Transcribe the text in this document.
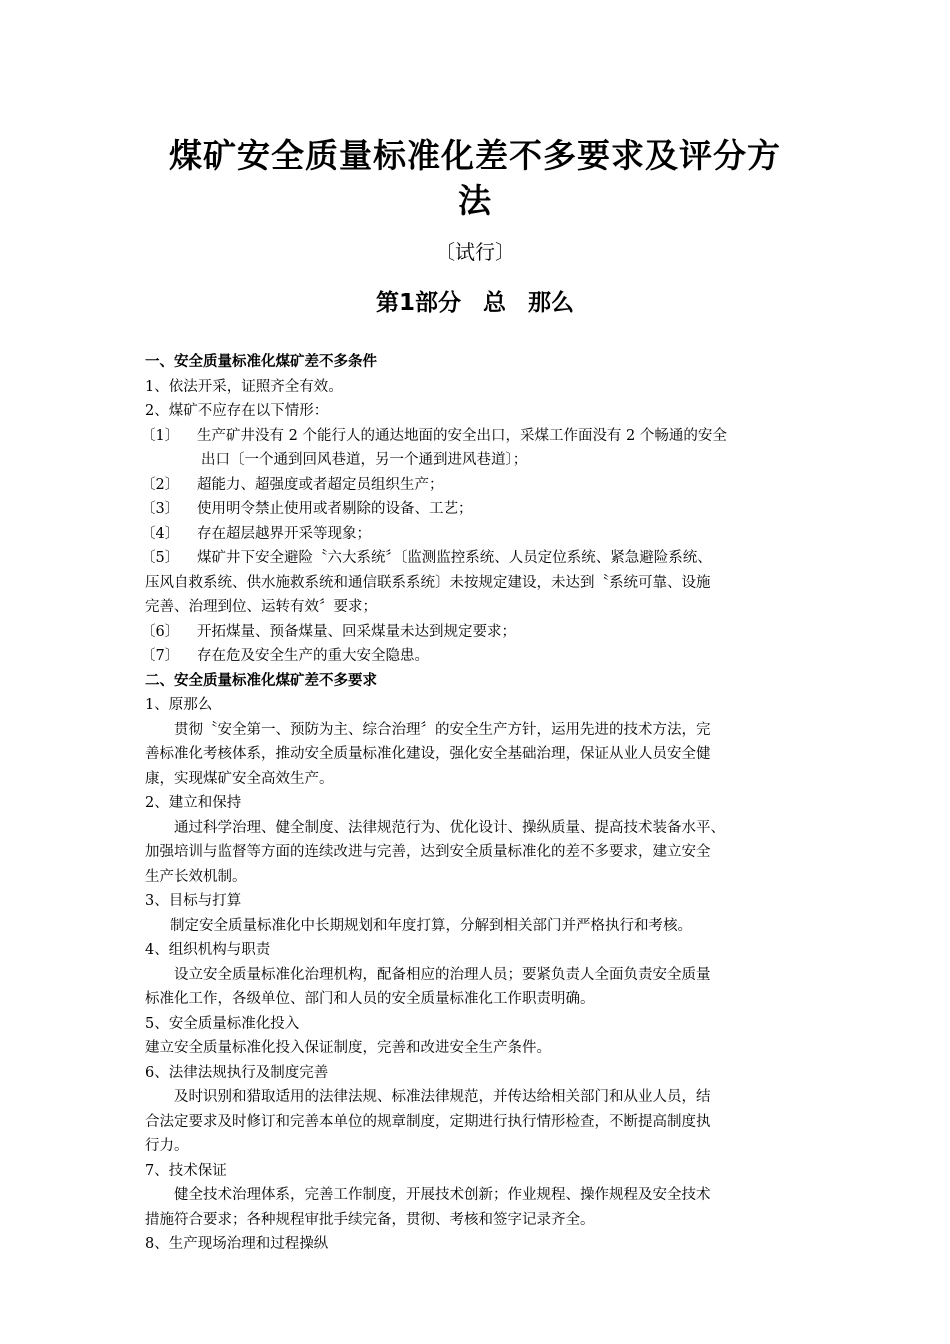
煤矿安全质量标准化差不多要求及评分方
法
〔试行〕
第1部分 总 那么

一、安全质量标准化煤矿差不多条件

1、依法开采，证照齐全有效。

2、煤矿不应存在以下情形：

〔1〕	生产矿井没有 2 个能行人的通达地面的安全出口，采煤工作面没有 2 个畅通的安全

出口〔一个通到回风巷道，另一个通到进风巷道〕；

〔2〕	超能力、超强度或者超定员组织生产；

〔3〕	使用明令禁止使用或者剔除的设备、工艺；

〔4〕	存在超层越界开采等现象；

〔5〕	煤矿井下安全避险〝六大系统〞〔监测监控系统、人员定位系统、紧急避险系统、

压风自救系统、供水施救系统和通信联系系统〕未按规定建设，未达到〝系统可靠、设施

完善、治理到位、运转有效〞要求；

〔6〕	开拓煤量、预备煤量、回采煤量未达到规定要求；

〔7〕	存在危及安全生产的重大安全隐患。

二、安全质量标准化煤矿差不多要求

1、原那么

贯彻〝安全第一、预防为主、综合治理〞的安全生产方针，运用先进的技术方法，完

善标准化考核体系，推动安全质量标准化建设，强化安全基础治理，保证从业人员安全健

康，实现煤矿安全高效生产。

2、建立和保持

通过科学治理、健全制度、法律规范行为、优化设计、操纵质量、提高技术装备水平、

加强培训与监督等方面的连续改进与完善，达到安全质量标准化的差不多要求，建立安全

生产长效机制。

3、目标与打算

制定安全质量标准化中长期规划和年度打算，分解到相关部门并严格执行和考核。

4、组织机构与职责

设立安全质量标准化治理机构，配备相应的治理人员；要紧负责人全面负责安全质量

标准化工作，各级单位、部门和人员的安全质量标准化工作职责明确。

5、安全质量标准化投入

建立安全质量标准化投入保证制度，完善和改进安全生产条件。

6、法律法规执行及制度完善

及时识别和猎取适用的法律法规、标准法律规范，并传达给相关部门和从业人员，结

合法定要求及时修订和完善本单位的规章制度，定期进行执行情形检查，不断提高制度执

行力。

7、技术保证

健全技术治理体系，完善工作制度，开展技术创新；作业规程、操作规程及安全技术

措施符合要求；各种规程审批手续完备，贯彻、考核和签字记录齐全。

8、生产现场治理和过程操纵
